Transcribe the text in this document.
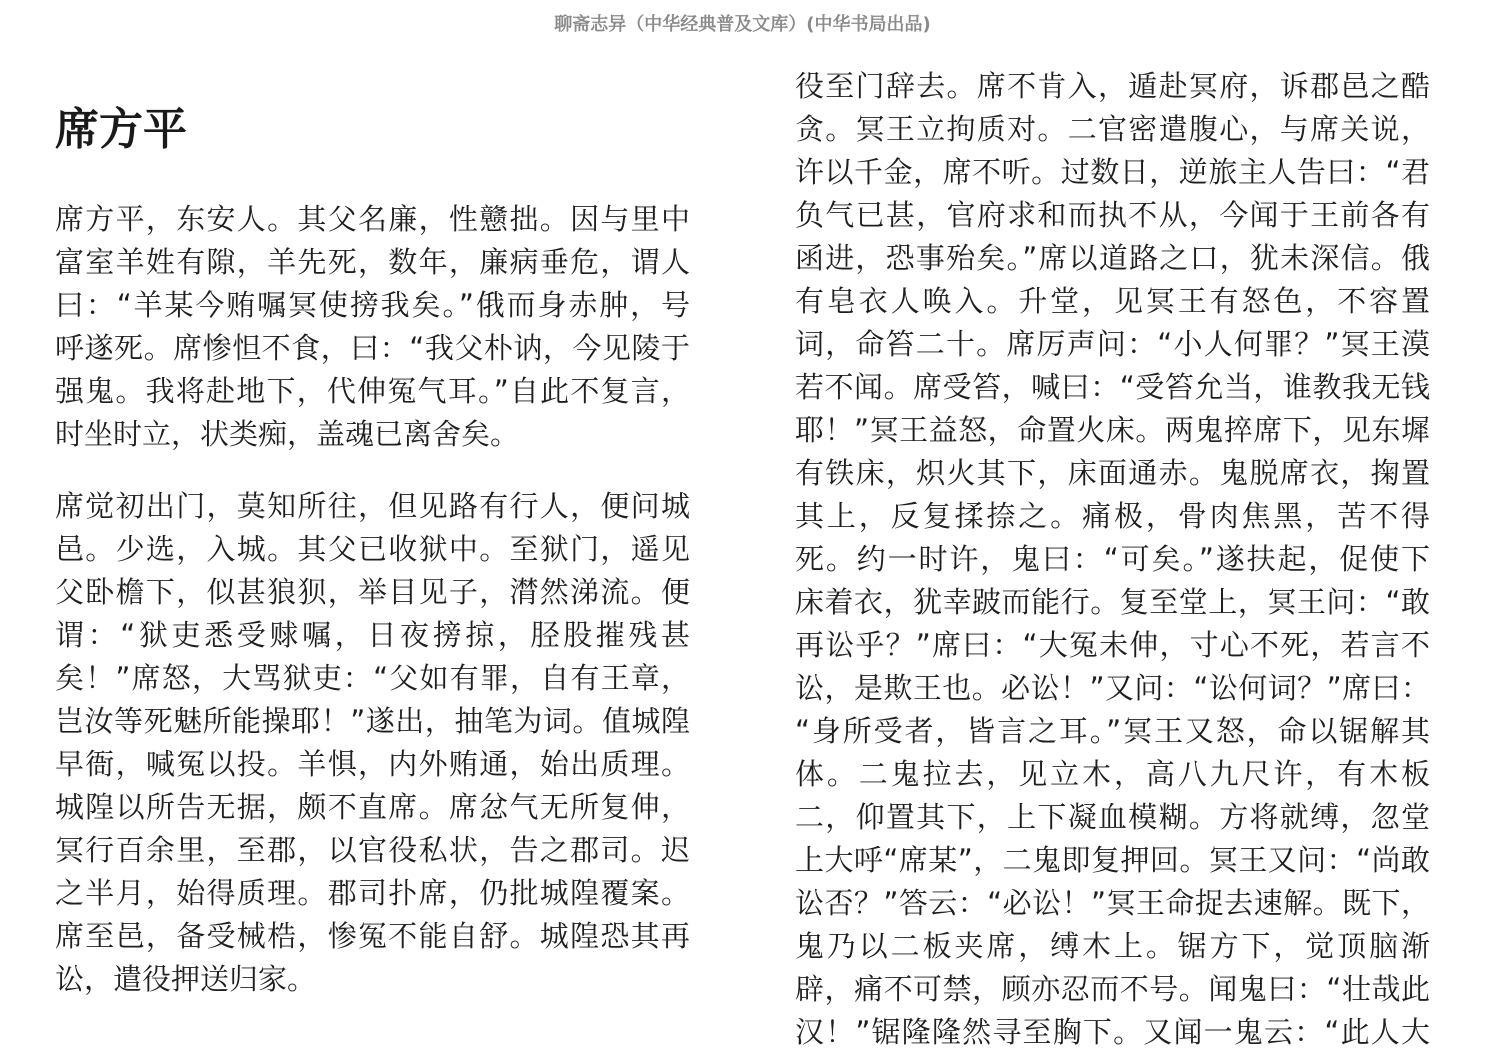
聊斋志异（中华经典普及文库）(中华书局出品)
席方平
席方平，东安人。其父名廉，性戆拙。因与里中
富室羊姓有隙，羊先死，数年，廉病垂危，谓人
曰：“羊某今贿嘱冥使搒我矣。”俄而身赤肿，号
呼遂死。席惨怛不食，曰：“我父朴讷，今见陵于
强鬼。我将赴地下，代伸冤气耳。”自此不复言，
时坐时立，状类痴，盖魂已离舍矣。
席觉初出门，莫知所往，但见路有行人，便问城
邑。少选，入城。其父已收狱中。至狱门，遥见
父卧檐下，似甚狼狈，举目见子，潸然涕流。便
谓：“狱吏悉受赇嘱，日夜搒掠，胫股摧残甚
矣！”席怒，大骂狱吏：“父如有罪，自有王章，
岂汝等死魅所能操耶！”遂出，抽笔为词。值城隍
早衙，喊冤以投。羊惧，内外贿通，始出质理。
城隍以所告无据，颇不直席。席忿气无所复伸，
冥行百余里，至郡，以官役私状，告之郡司。迟
之半月，始得质理。郡司扑席，仍批城隍覆案。
席至邑，备受械梏，惨冤不能自舒。城隍恐其再
讼，遣役押送归家。
役至门辞去。席不肯入，遁赴冥府，诉郡邑之酷
贪。冥王立拘质对。二官密遣腹心，与席关说，
许以千金，席不听。过数日，逆旅主人告曰：“君
负气已甚，官府求和而执不从，今闻于王前各有
函进，恐事殆矣。”席以道路之口，犹未深信。俄
有皂衣人唤入。升堂，见冥王有怒色，不容置
词，命笞二十。席厉声问：“小人何罪？”冥王漠
若不闻。席受笞，喊曰：“受笞允当，谁教我无钱
耶！”冥王益怒，命置火床。两鬼捽席下，见东墀
有铁床，炽火其下，床面通赤。鬼脱席衣，掬置
其上，反复揉捺之。痛极，骨肉焦黑，苦不得
死。约一时许，鬼曰：“可矣。”遂扶起，促使下
床着衣，犹幸跛而能行。复至堂上，冥王问：“敢
再讼乎？”席曰：“大冤未伸，寸心不死，若言不
讼，是欺王也。必讼！”又问：“讼何词？”席曰：
“身所受者，皆言之耳。”冥王又怒，命以锯解其
体。二鬼拉去，见立木，高八九尺许，有木板
二，仰置其下，上下凝血模糊。方将就缚，忽堂
上大呼“席某”，二鬼即复押回。冥王又问：“尚敢
讼否？”答云：“必讼！”冥王命捉去速解。既下，
鬼乃以二板夹席，缚木上。锯方下，觉顶脑渐
辟，痛不可禁，顾亦忍而不号。闻鬼曰：“壮哉此
汉！”锯隆隆然寻至胸下。又闻一鬼云：“此人大
